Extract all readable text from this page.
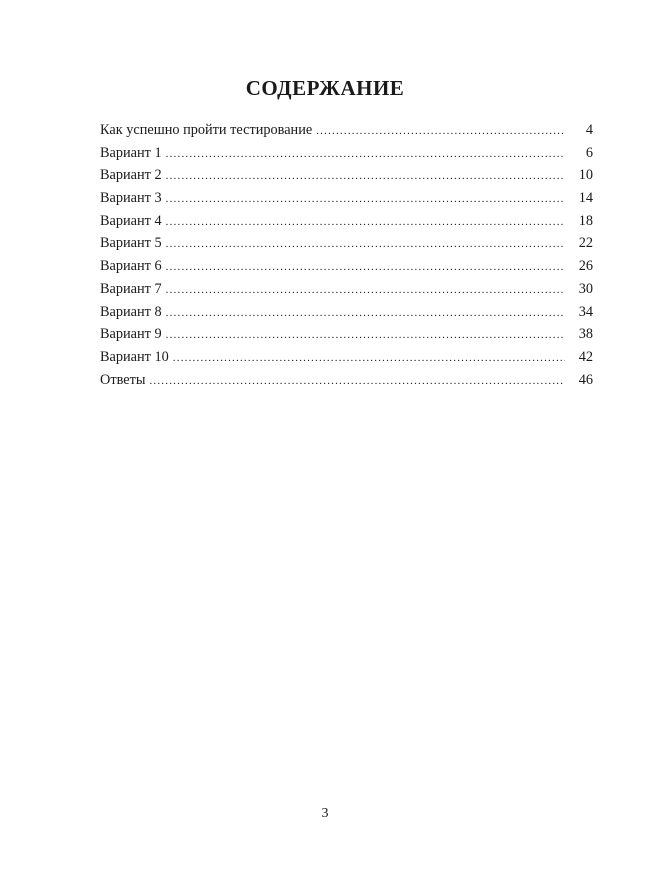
СОДЕРЖАНИЕ
Как успешно пройти тестирование .....	4
Вариант 1 .....	6
Вариант 2 .....	10
Вариант 3 .....	14
Вариант 4 .....	18
Вариант 5 .....	22
Вариант 6 .....	26
Вариант 7 .....	30
Вариант 8 .....	34
Вариант 9 .....	38
Вариант 10 .....	42
Ответы .....	46
3
